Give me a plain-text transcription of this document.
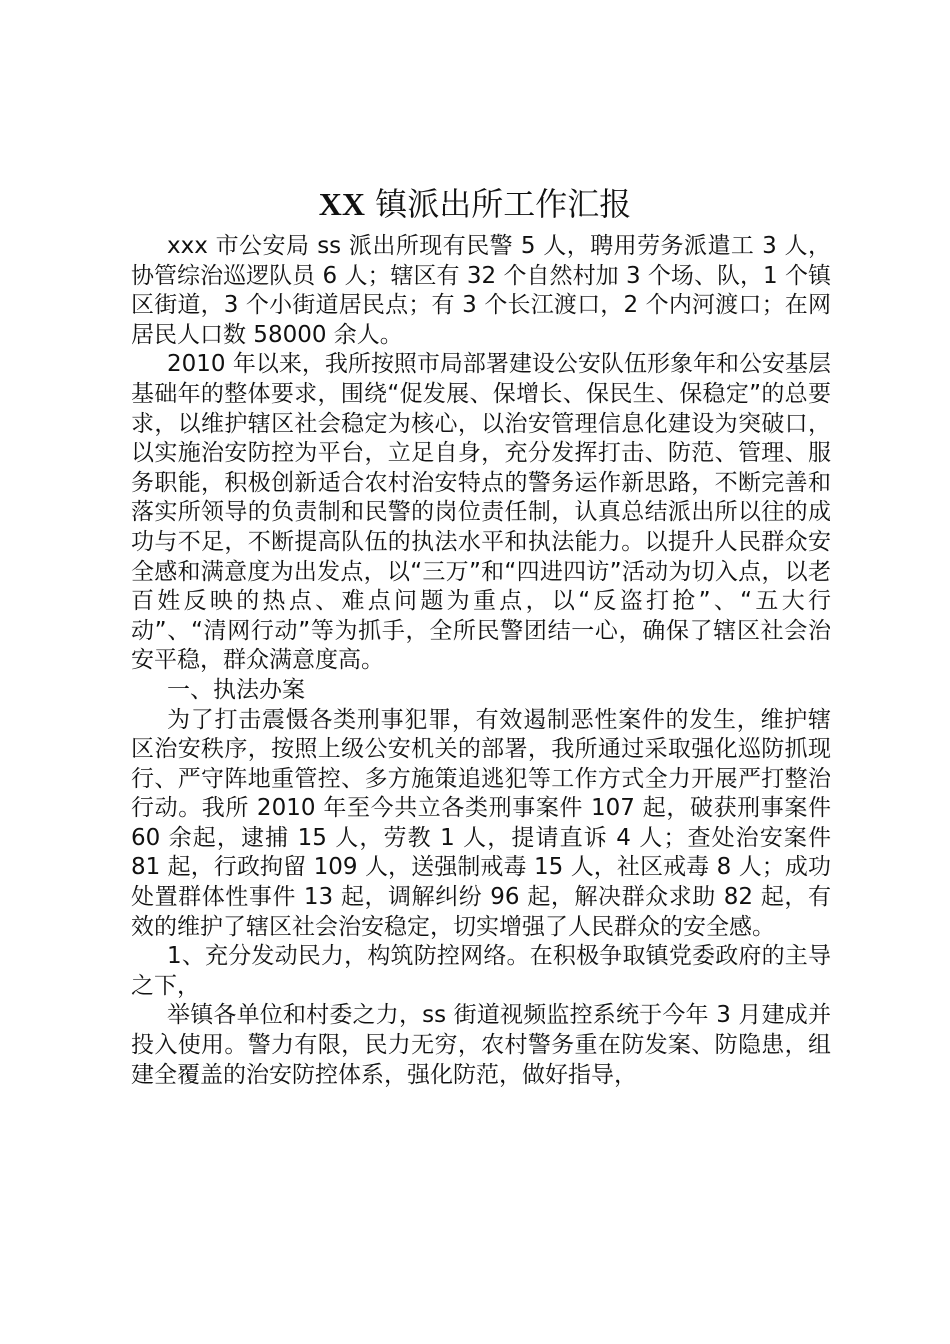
XX 镇派出所工作汇报

xxx 市公安局 ss 派出所现有民警 5 人，聘用劳务派遣工 3 人，协管综治巡逻队员 6 人；辖区有 32 个自然村加 3 个场、队，1 个镇区街道，3 个小街道居民点；有 3 个长江渡口，2 个内河渡口；在网居民人口数 58000 余人。

2010 年以来，我所按照市局部署建设公安队伍形象年和公安基层基础年的整体要求，围绕“促发展、保增长、保民生、保稳定”的总要求，以维护辖区社会稳定为核心，以治安管理信息化建设为突破口，以实施治安防控为平台，立足自身，充分发挥打击、防范、管理、服务职能，积极创新适合农村治安特点的警务运作新思路，不断完善和落实所领导的负责制和民警的岗位责任制，认真总结派出所以往的成功与不足，不断提高队伍的执法水平和执法能力。以提升人民群众安全感和满意度为出发点，以“三万”和“四进四访”活动为切入点，以老百姓反映的热点、难点问题为重点，以“反盗打抢”、“五大行动”、“清网行动”等为抓手，全所民警团结一心，确保了辖区社会治安平稳，群众满意度高。

一、执法办案

为了打击震慑各类刑事犯罪，有效遏制恶性案件的发生，维护辖区治安秩序，按照上级公安机关的部署，我所通过采取强化巡防抓现行、严守阵地重管控、多方施策追逃犯等工作方式全力开展严打整治行动。我所 2010 年至今共立各类刑事案件 107 起，破获刑事案件 60 余起，逮捕 15 人，劳教 1 人，提请直诉 4 人；查处治安案件 81 起，行政拘留 109 人，送强制戒毒 15 人，社区戒毒 8 人；成功处置群体性事件 13 起，调解纠纷 96 起，解决群众求助 82 起，有效的维护了辖区社会治安稳定，切实增强了人民群众的安全感。

1、充分发动民力，构筑防控网络。在积极争取镇党委政府的主导之下，

举镇各单位和村委之力，ss 街道视频监控系统于今年 3 月建成并投入使用。警力有限，民力无穷，农村警务重在防发案、防隐患，组建全覆盖的治安防控体系，强化防范，做好指导，
